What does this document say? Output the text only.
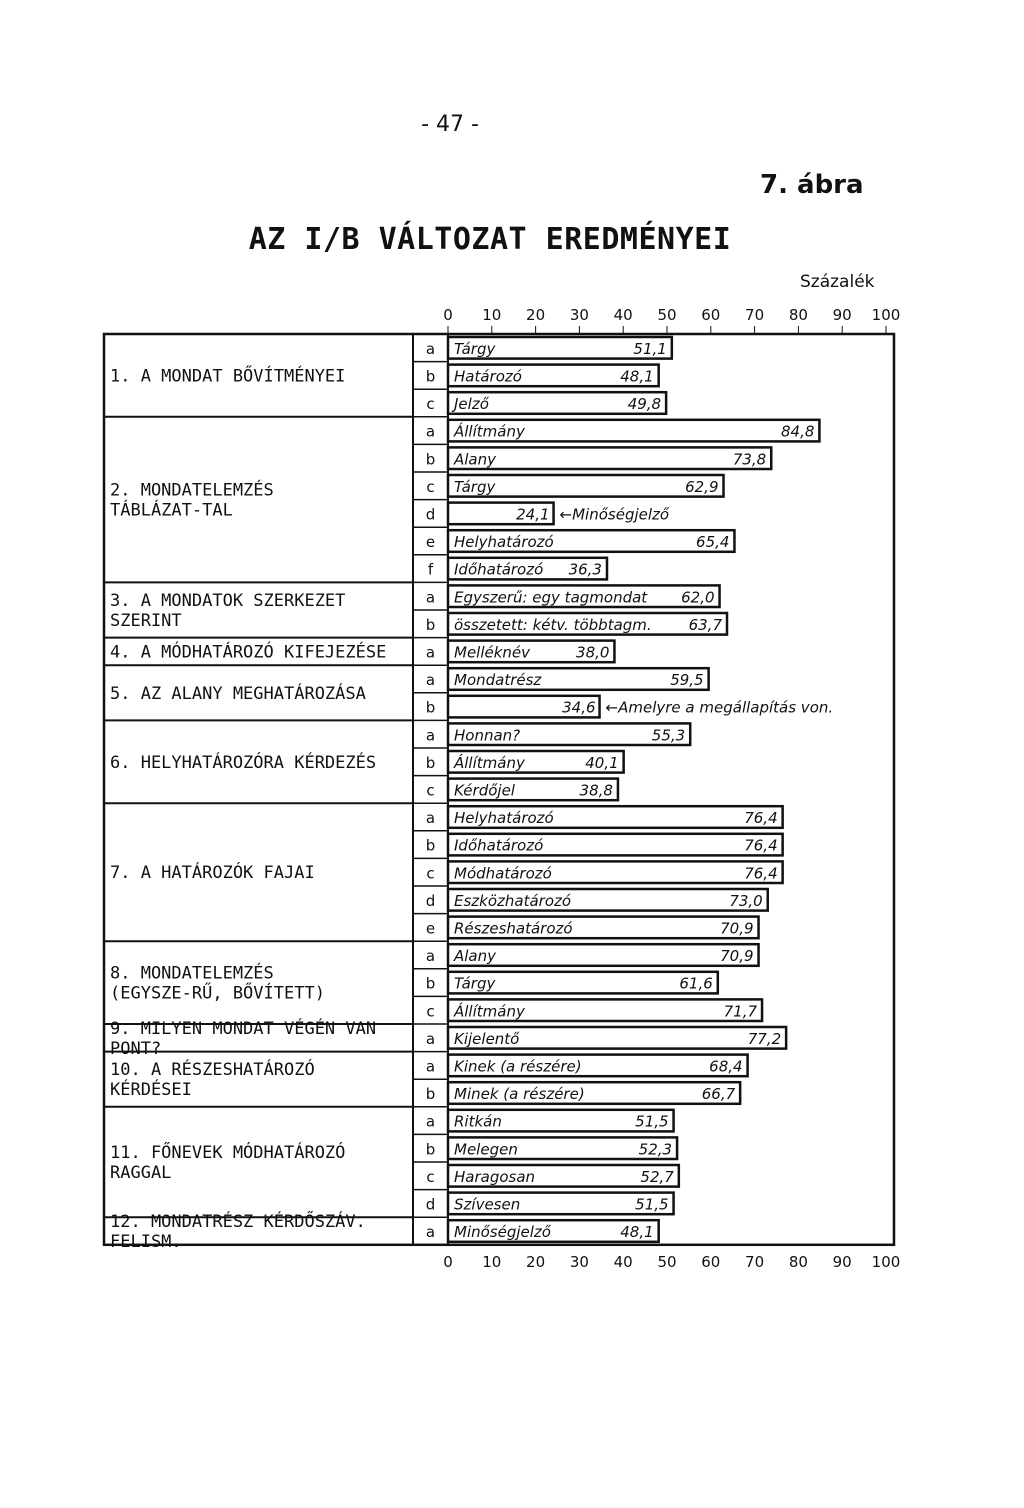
- 47 -
7. ábra
AZ I/B VÁLTOZAT EREDMÉNYEI
Százalék
0
0
10
10
20
20
30
30
40
40
50
50
60
60
70
70
80
80
90
90
100
100
1. A MONDAT BŐVÍTMÉNYEI
a Tárgy	51,1
b Határozó	48,1
c Jelző	49,8
2. MONDATELEMZÉS TÁBLÁZAT-TAL
a Állítmány	84,8
b Alany	73,8
c Tárgy	62,9
d	24,1 ←Minőségjelző
e Helyhatározó	65,4
f Időhatározó 36,3
3. A MONDATOK SZERKEZET SZERINT
a Egyszerű: egy tagmondat 62,0
b összetett: kétv. többtagm. 63,7
4. A MÓDHATÁROZÓ KIFEJEZÉSE	a Melléknév	38,0
5. AZ ALANY MEGHATÁROZÁSA
a Mondatrész	59,5
b	34,6 ←Amelyre a megállapítás von.
6. HELYHATÁROZÓRA KÉRDEZÉS
a Honnan?	55,3
b Állítmány	40,1
c Kérdőjel	38,8
7. A HATÁROZÓK FAJAI
a Helyhatározó	76,4
b Időhatározó	76,4
c Módhatározó	76,4
d Eszközhatározó	73,0
e Részeshatározó	70,9
8. MONDATELEMZÉS (EGYSZE-RŰ, BŐVÍTETT)
a Alany	70,9
b Tárgy	61,6
c Állítmány	71,7
9. MILYEN MONDAT VÉGÉN VAN PONT?	a Kijelentő	77,2
10. A RÉSZESHATÁROZÓ KÉRDÉSEI
a Kinek (a részére)	68,4
b Minek (a részére)	66,7
11. FŐNEVEK MÓDHATÁROZÓ RAGGAL
a Ritkán	51,5
b Melegen	52,3
c Haragosan	52,7
d Szívesen	51,5
12. MONDATRÉSZ KÉRDŐSZÁV. FELISM.	a Minőségjelző	48,1
